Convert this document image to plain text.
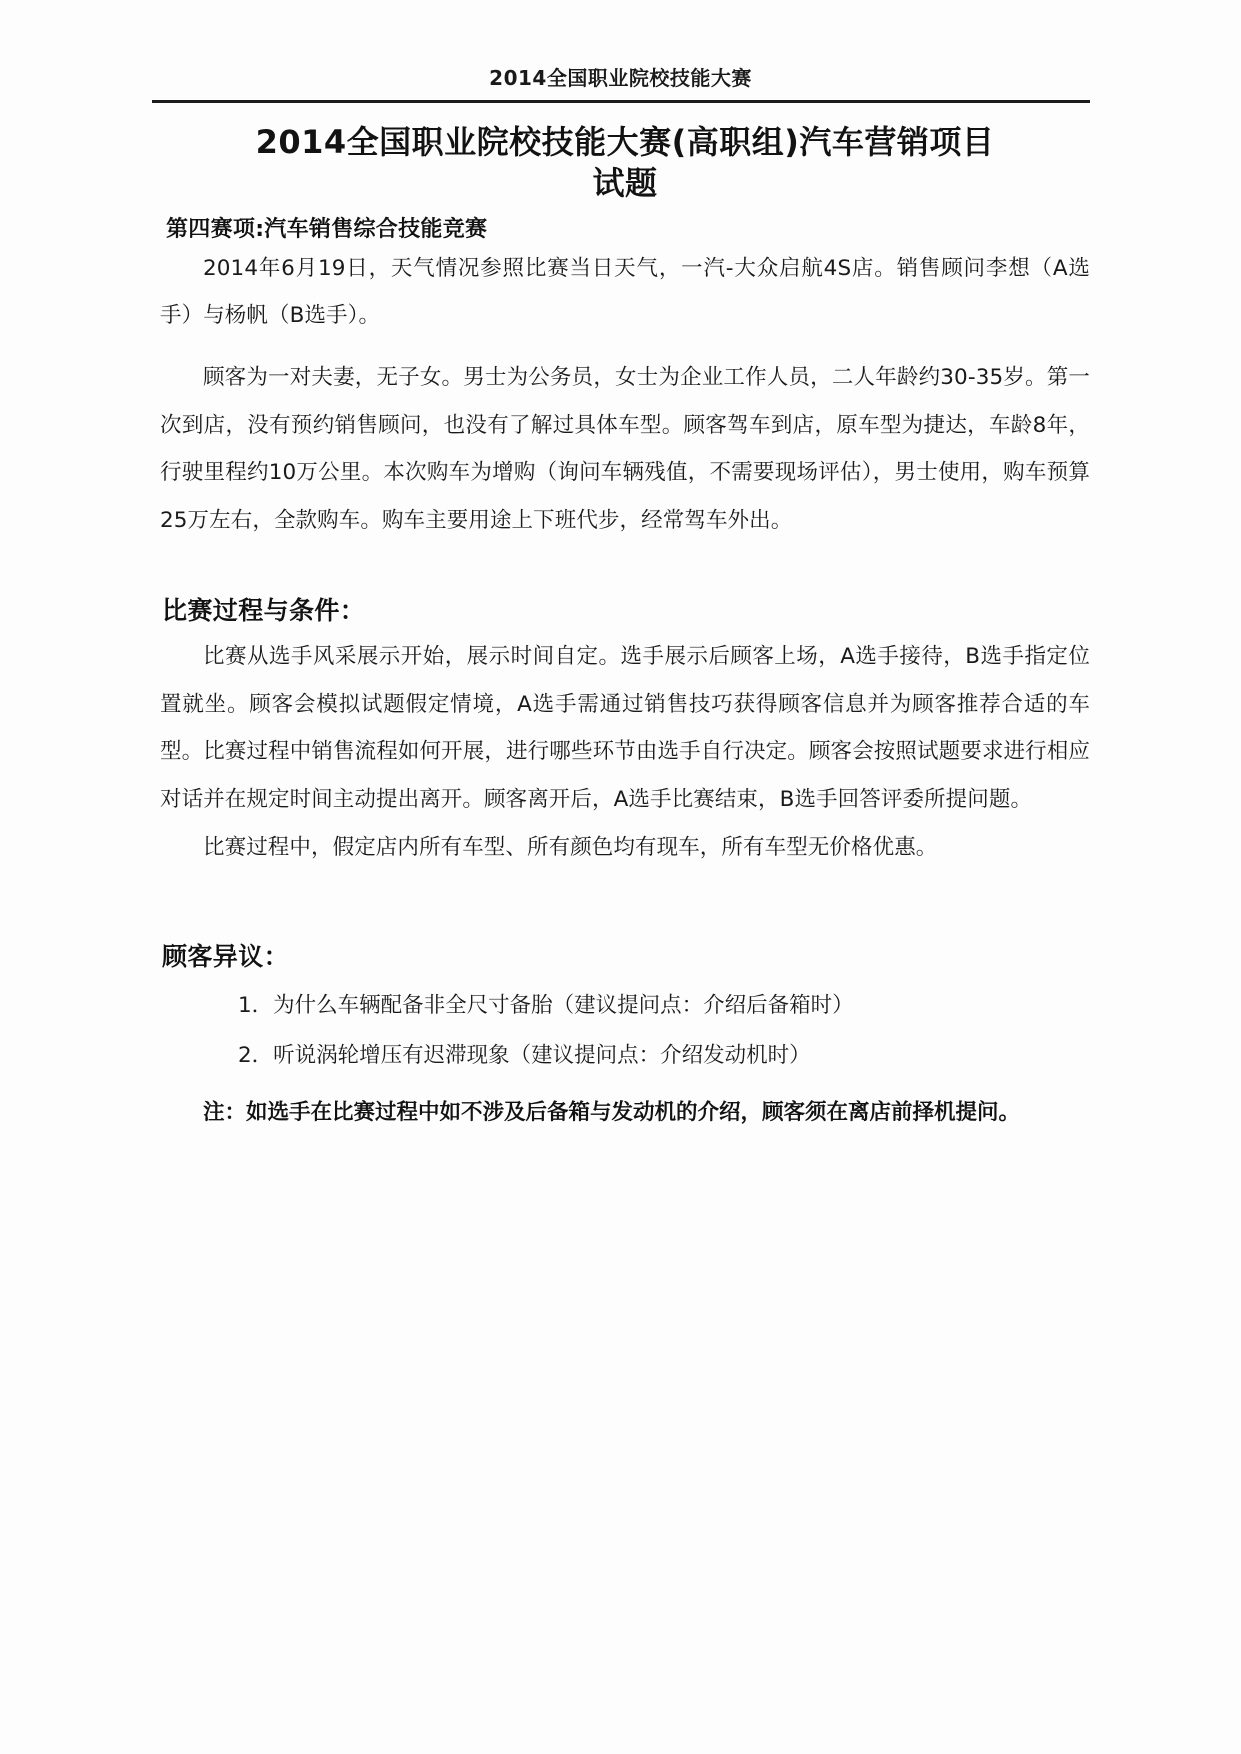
2014全国职业院校技能大赛
2014全国职业院校技能大赛(高职组)汽车营销项目
试题
第四赛项:汽车销售综合技能竞赛

2014年6月19日，天气情况参照比赛当日天气，一汽-大众启航4S店。销售顾问李想（A选手）与杨帆（B选手）。

顾客为一对夫妻，无子女。男士为公务员，女士为企业工作人员，二人年龄约30-35岁。第一次到店，没有预约销售顾问，也没有了解过具体车型。顾客驾车到店，原车型为捷达，车龄8年，行驶里程约10万公里。本次购车为增购（询问车辆残值，不需要现场评估），男士使用，购车预算25万左右，全款购车。购车主要用途上下班代步，经常驾车外出。

比赛过程与条件：

比赛从选手风采展示开始，展示时间自定。选手展示后顾客上场，A选手接待，B选手指定位置就坐。顾客会模拟试题假定情境，A选手需通过销售技巧获得顾客信息并为顾客推荐合适的车型。比赛过程中销售流程如何开展，进行哪些环节由选手自行决定。顾客会按照试题要求进行相应对话并在规定时间主动提出离开。顾客离开后，A选手比赛结束，B选手回答评委所提问题。

比赛过程中，假定店内所有车型、所有颜色均有现车，所有车型无价格优惠。

顾客异议：
1．为什么车辆配备非全尺寸备胎（建议提问点：介绍后备箱时）
2．听说涡轮增压有迟滞现象（建议提问点：介绍发动机时）

注：如选手在比赛过程中如不涉及后备箱与发动机的介绍，顾客须在离店前择机提问。
